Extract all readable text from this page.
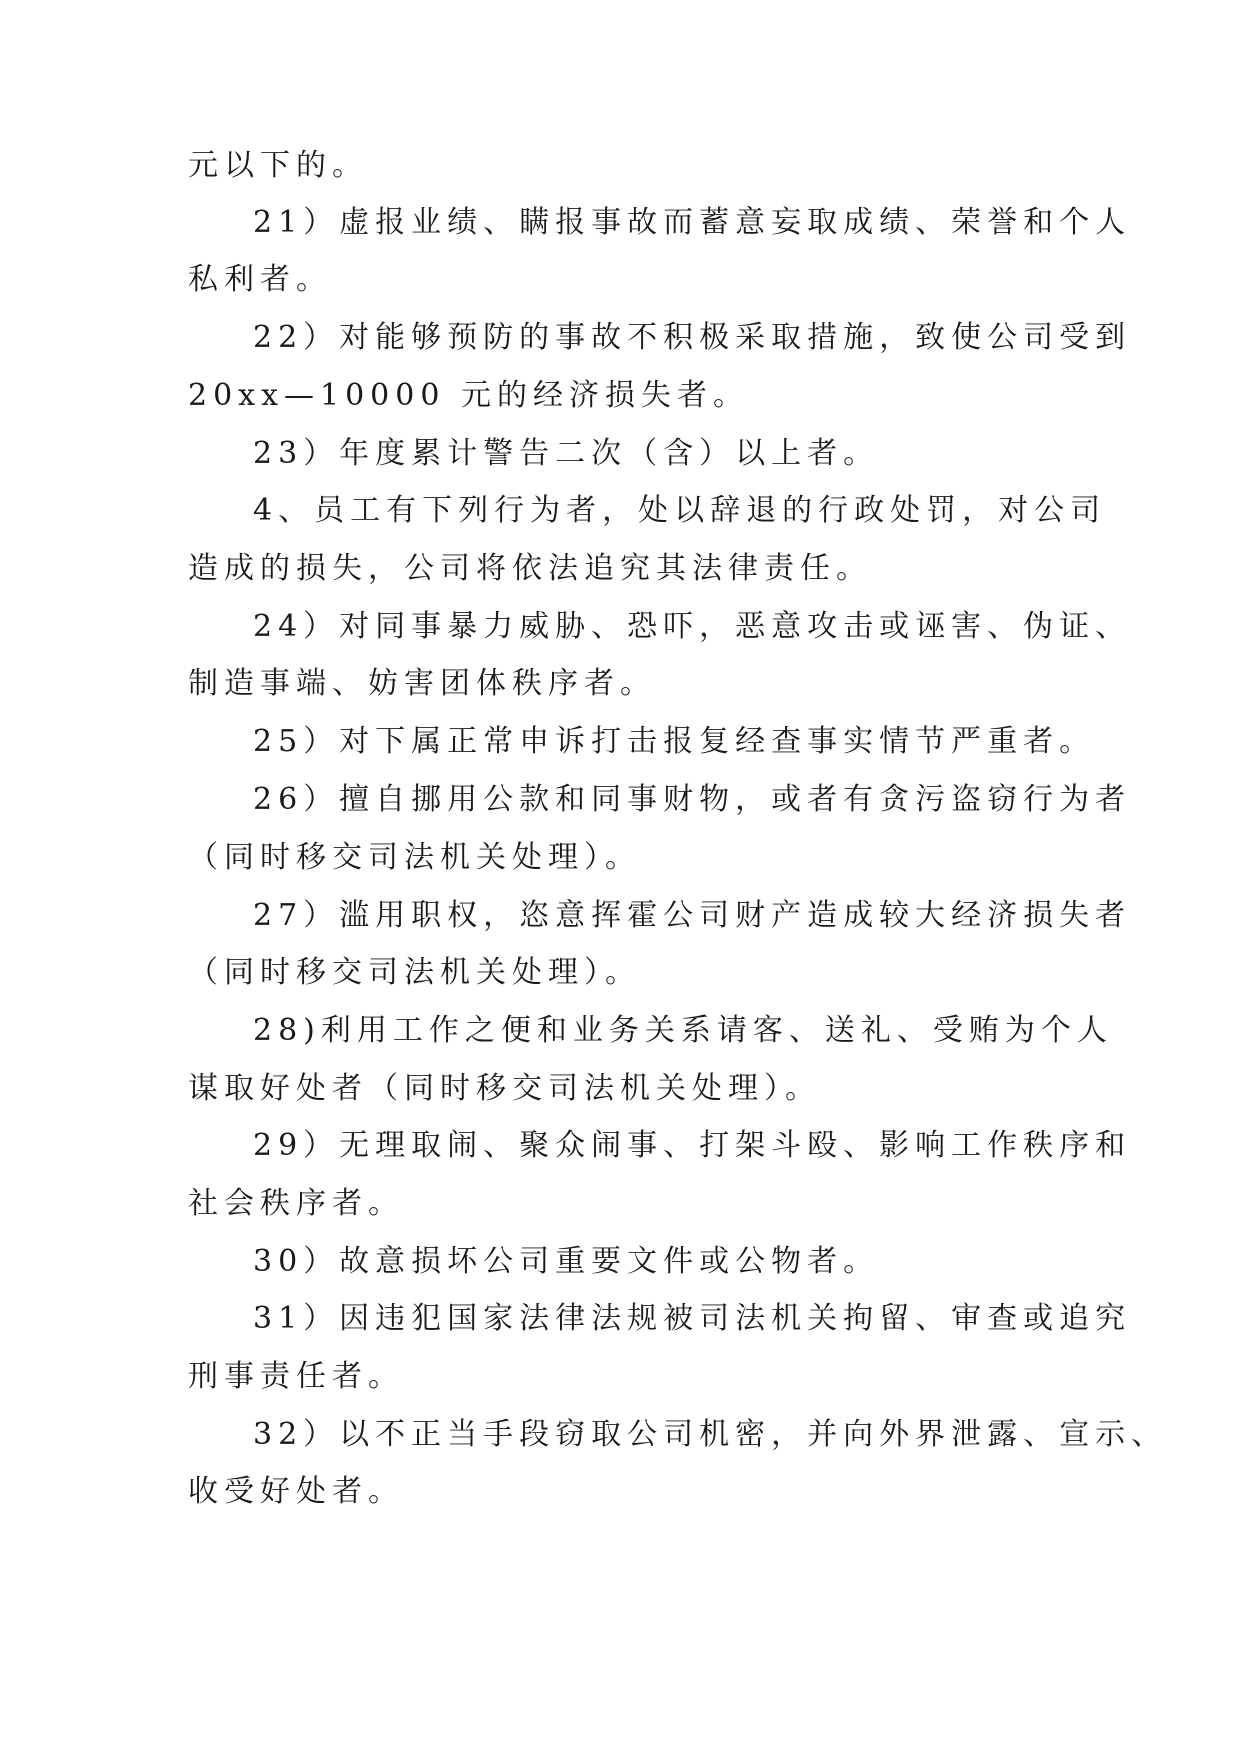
元以下的。

21）虚报业绩、瞒报事故而蓄意妄取成绩、荣誉和个人

私利者。

22）对能够预防的事故不积极采取措施，致使公司受到

20xx—10000 元的经济损失者。

23）年度累计警告二次（含）以上者。

4、员工有下列行为者，处以辞退的行政处罚，对公司

造成的损失，公司将依法追究其法律责任。

24）对同事暴力威胁、恐吓，恶意攻击或诬害、伪证、

制造事端、妨害团体秩序者。

25）对下属正常申诉打击报复经查事实情节严重者。

26）擅自挪用公款和同事财物，或者有贪污盗窃行为者

（同时移交司法机关处理）。

27）滥用职权，恣意挥霍公司财产造成较大经济损失者

（同时移交司法机关处理）。

28)利用工作之便和业务关系请客、送礼、受贿为个人

谋取好处者（同时移交司法机关处理）。

29）无理取闹、聚众闹事、打架斗殴、影响工作秩序和

社会秩序者。

30）故意损坏公司重要文件或公物者。

31）因违犯国家法律法规被司法机关拘留、审查或追究

刑事责任者。

32）以不正当手段窃取公司机密，并向外界泄露、宣示、

收受好处者。
